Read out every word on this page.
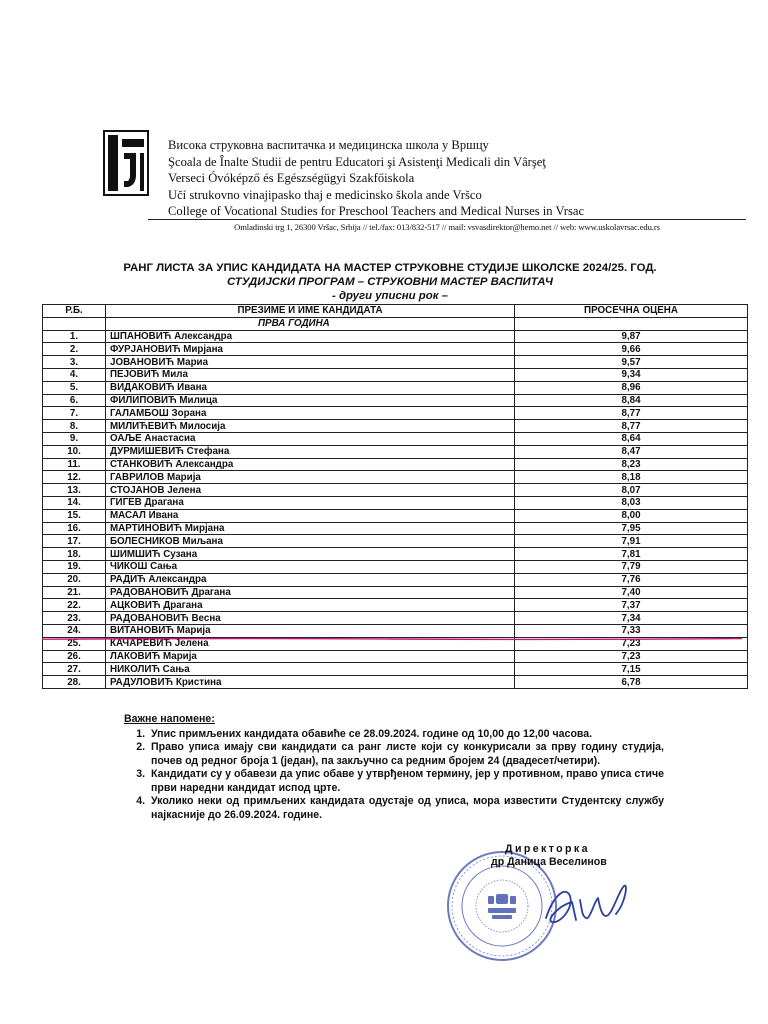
Висока струковна васпитачка и медицинска школа у Вршцу
Şcoala de Înalte Studii de pentru Educatori şi Asistenţi Medicali din Vârşeţ
Verseci Óvóképző és Egészségügyi Szakfőiskola
Učí strukovno vinajipasko thaj e medicinsko škola ande Vršco
College of Vocational Studies for Preschool Teachers and Medical Nurses in Vrsac
Omladinski trg 1, 26300 Vršac, Srbija // tel./fax: 013/832-517 // mail: vsvasdirektor@hemo.net // web: www.uskolavrsac.edu.rs
РАНГ ЛИСТА ЗА УПИС КАНДИДАТА НА МАСТЕР СТРУКОВНЕ СТУДИЈЕ ШКОЛСКЕ 2024/25. ГОД.
СТУДИЈСКИ ПРОГРАМ – СТРУКОВНИ МАСТЕР ВАСПИТАЧ
- други уписни рок –
Р.Б.	ПРЕЗИМЕ И ИМЕ КАНДИДАТА	ПРОСЕЧНА ОЦЕНА
	ПРВА ГОДИНА	
1.	ШПАНОВИЋ Александра	9,87
2.	ФУРЈАНОВИЋ Мирјана	9,66
3.	ЈОВАНОВИЋ Мариа	9,57
4.	ПЕЈОВИЋ Мила	9,34
5.	ВИДАКОВИЋ Ивана	8,96
6.	ФИЛИПОВИЋ Милица	8,84
7.	ГАЛАМБОШ Зорана	8,77
8.	МИЛИЋЕВИЋ Милосија	8,77
9.	ОАЉЕ Анастасиа	8,64
10.	ДУРМИШЕВИЋ Стефана	8,47
11.	СТАНКОВИЋ Александра	8,23
12.	ГАВРИЛОВ Марија	8,18
13.	СТОЈАНОВ Јелена	8,07
14.	ГИГЕВ Драгана	8,03
15.	МАСАЛ Ивана	8,00
16.	МАРТИНОВИЋ Мирјана	7,95
17.	БОЛЕСНИКОВ Миљана	7,91
18.	ШИМШИЋ Сузана	7,81
19.	ЧИКОШ Сања	7,79
20.	РАДИЋ Александра	7,76
21.	РАДОВАНОВИЋ Драгана	7,40
22.	АЦКОВИЋ Драгана	7,37
23.	РАДОВАНОВИЋ Весна	7,34
24.	ВИТАНОВИЋ Марија	7,33
25.	КАЧАРЕВИЋ Јелена	7,23
26.	ЛАКОВИЋ Марија	7,23
27.	НИКОЛИЋ Сања	7,15
28.	РАДУЛОВИЋ Кристина	6,78
Важне напомене:
1. Упис примљених кандидата обавиће се 28.09.2024. године од 10,00 до 12,00 часова.
2. Право уписа имају сви кандидати са ранг листе који су конкурисали за прву годину студија, почев од редног броја 1 (један), па закључно са редним бројем 24 (двадесет/четири).
3. Кандидати су у обавези да упис обаве у утврђеном термину, јер у противном, право уписа стиче први наредни кандидат испод црте.
4. Уколико неки од примљених кандидата одустаје од уписа, мора известити Студентску службу најкасније до 26.09.2024. године.
Директорка
др Даница Веселинов
